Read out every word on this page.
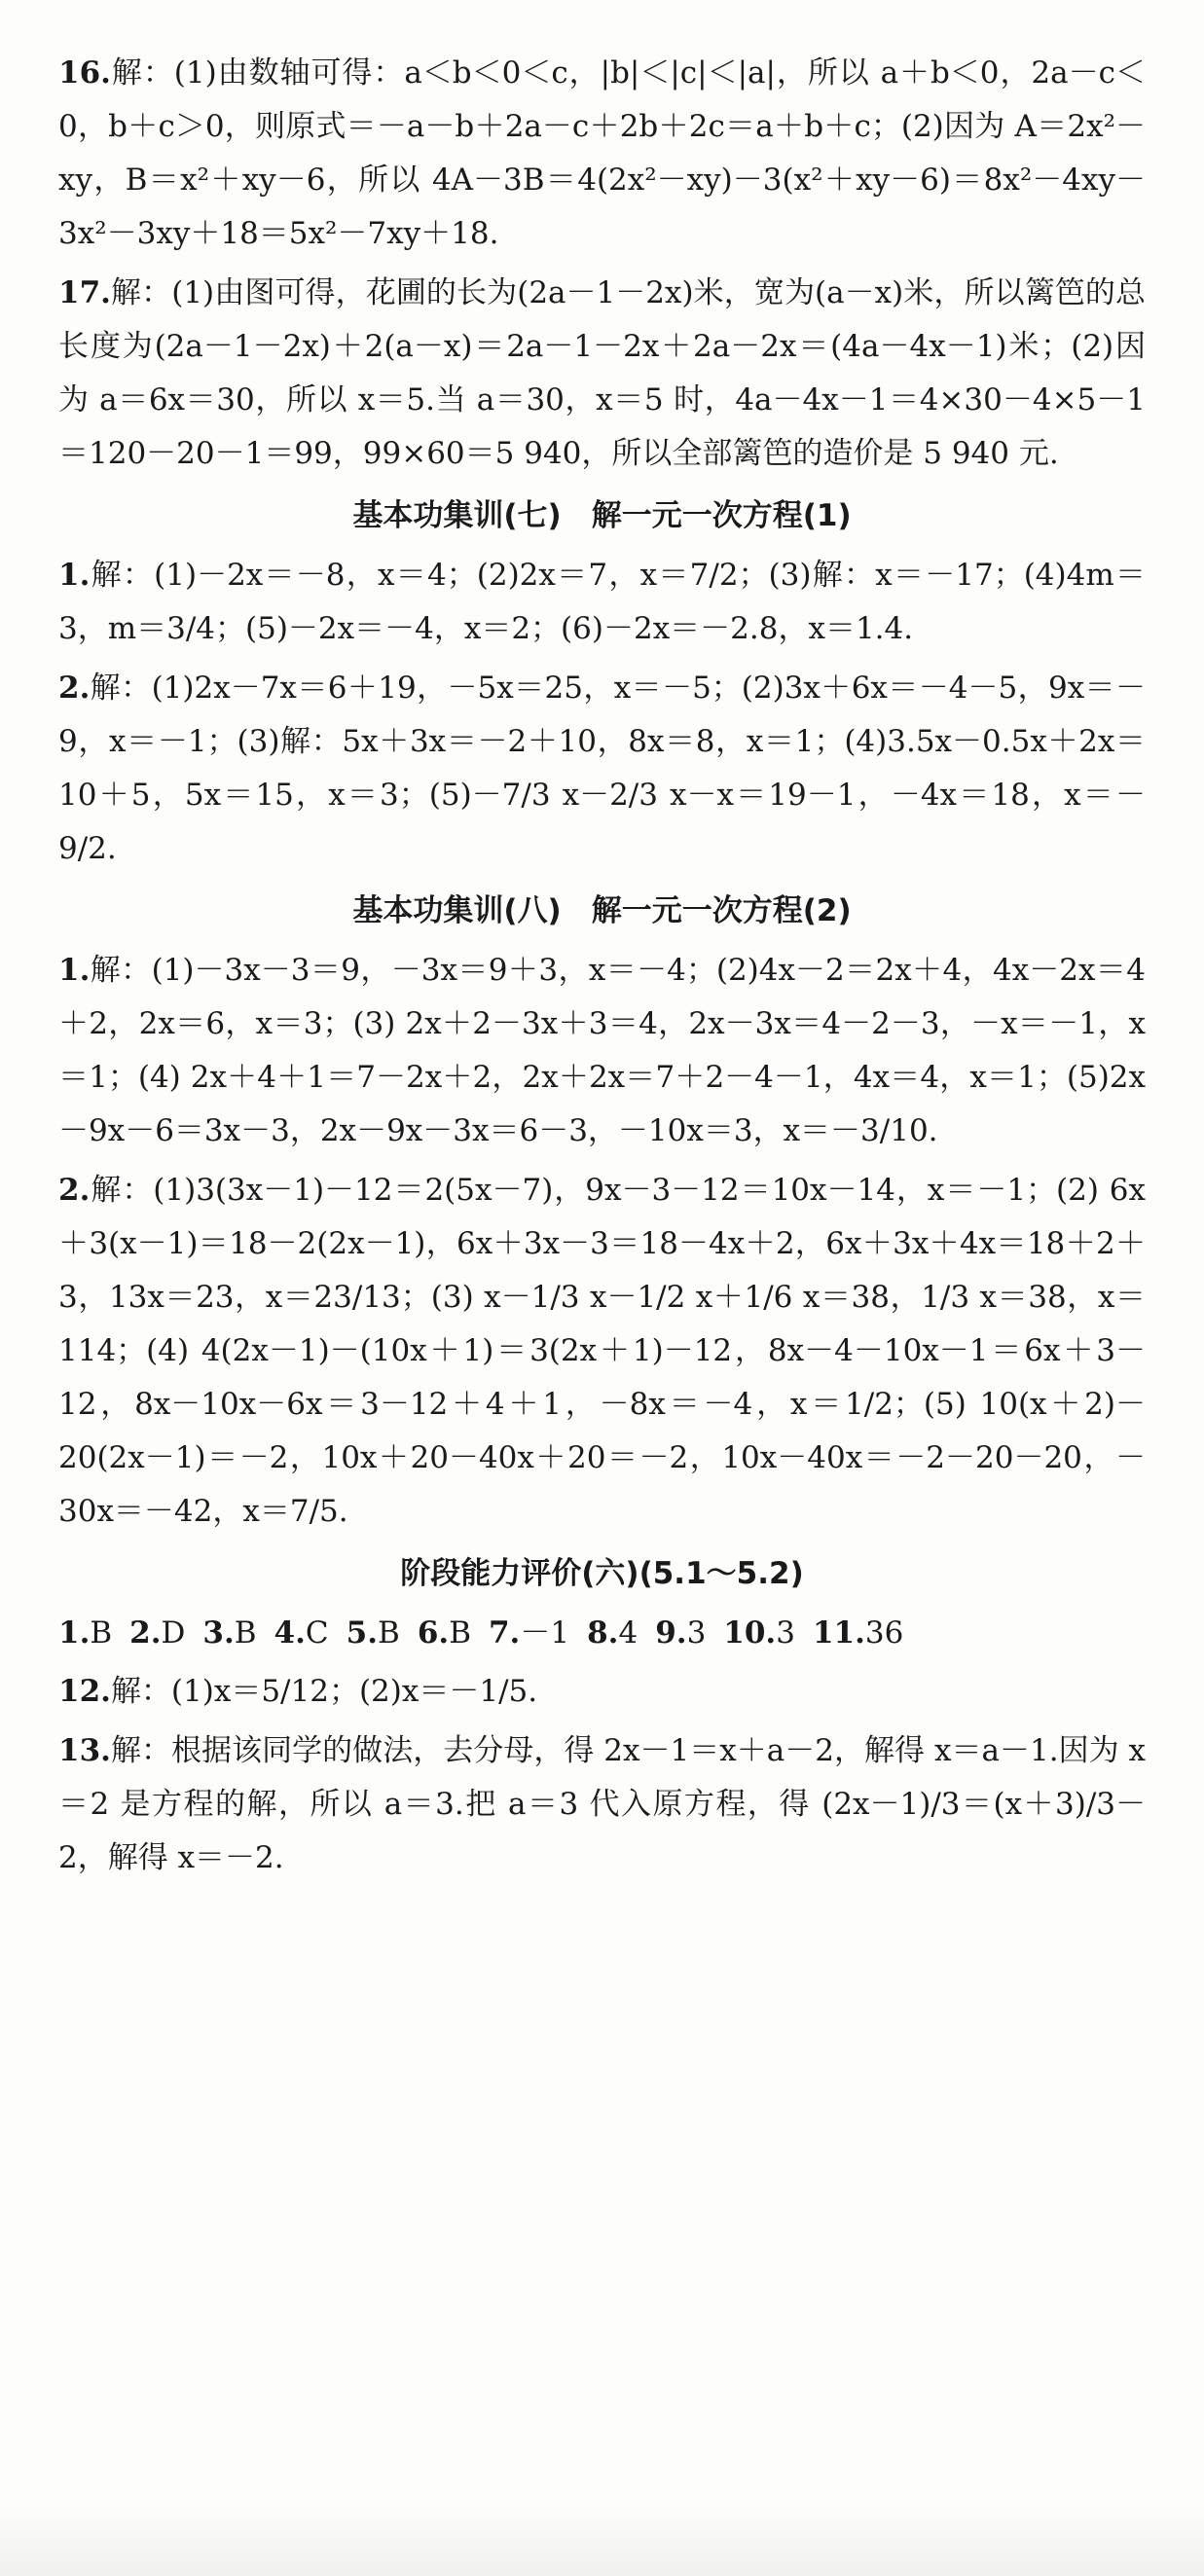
16.解：(1)由数轴可得：a＜b＜0＜c，|b|＜|c|＜|a|，所以 a＋b＜0，2a－c＜0，b＋c＞0，则原式＝－a－b＋2a－c＋2b＋2c＝a＋b＋c；(2)因为 A＝2x²－xy，B＝x²＋xy－6，所以 4A－3B＝4(2x²－xy)－3(x²＋xy－6)＝8x²－4xy－3x²－3xy＋18＝5x²－7xy＋18.
17.解：(1)由图可得，花圃的长为(2a－1－2x)米，宽为(a－x)米，所以篱笆的总长度为(2a－1－2x)＋2(a－x)＝2a－1－2x＋2a－2x＝(4a－4x－1)米；(2)因为 a＝6x＝30，所以 x＝5.当 a＝30，x＝5 时，4a－4x－1＝4×30－4×5－1＝120－20－1＝99，99×60＝5 940，所以全部篱笆的造价是 5 940 元.
基本功集训(七)　解一元一次方程(1)
1.解：(1)－2x＝－8，x＝4；(2)2x＝7，x＝7/2；(3)解：x＝－17；(4)4m＝3，m＝3/4；(5)－2x＝－4，x＝2；(6)－2x＝－2.8，x＝1.4.
2.解：(1)2x－7x＝6＋19，－5x＝25，x＝－5；(2)3x＋6x＝－4－5，9x＝－9，x＝－1；(3)解：5x＋3x＝－2＋10，8x＝8，x＝1；(4)3.5x－0.5x＋2x＝10＋5，5x＝15，x＝3；(5)－7/3 x－2/3 x－x＝19－1，－4x＝18，x＝－9/2.
基本功集训(八)　解一元一次方程(2)
1.解：(1)－3x－3＝9，－3x＝9＋3，x＝－4；(2)4x－2＝2x＋4，4x－2x＝4＋2，2x＝6，x＝3；(3) 2x＋2－3x＋3＝4，2x－3x＝4－2－3，－x＝－1，x＝1；(4) 2x＋4＋1＝7－2x＋2，2x＋2x＝7＋2－4－1，4x＝4，x＝1；(5)2x－9x－6＝3x－3，2x－9x－3x＝6－3，－10x＝3，x＝－3/10.
2.解：(1)3(3x－1)－12＝2(5x－7)，9x－3－12＝10x－14，x＝－1；(2) 6x＋3(x－1)＝18－2(2x－1)，6x＋3x－3＝18－4x＋2，6x＋3x＋4x＝18＋2＋3，13x＝23，x＝23/13；(3) x－1/3 x－1/2 x＋1/6 x＝38，1/3 x＝38，x＝114；(4) 4(2x－1)－(10x＋1)＝3(2x＋1)－12，8x－4－10x－1＝6x＋3－12，8x－10x－6x＝3－12＋4＋1，－8x＝－4，x＝1/2；(5) 10(x＋2)－20(2x－1)＝－2，10x＋20－40x＋20＝－2，10x－40x＝－2－20－20，－30x＝－42，x＝7/5.
阶段能力评价(六)(5.1～5.2)
1.B 2.D 3.B 4.C 5.B 6.B 7.－1 8.4 9.3 10.3 11.36
12.解：(1)x＝5/12；(2)x＝－1/5.
13.解：根据该同学的做法，去分母，得 2x－1＝x＋a－2，解得 x＝a－1.因为 x＝2 是方程的解，所以 a＝3.把 a＝3 代入原方程，得 (2x－1)/3＝(x＋3)/3－2，解得 x＝－2.
